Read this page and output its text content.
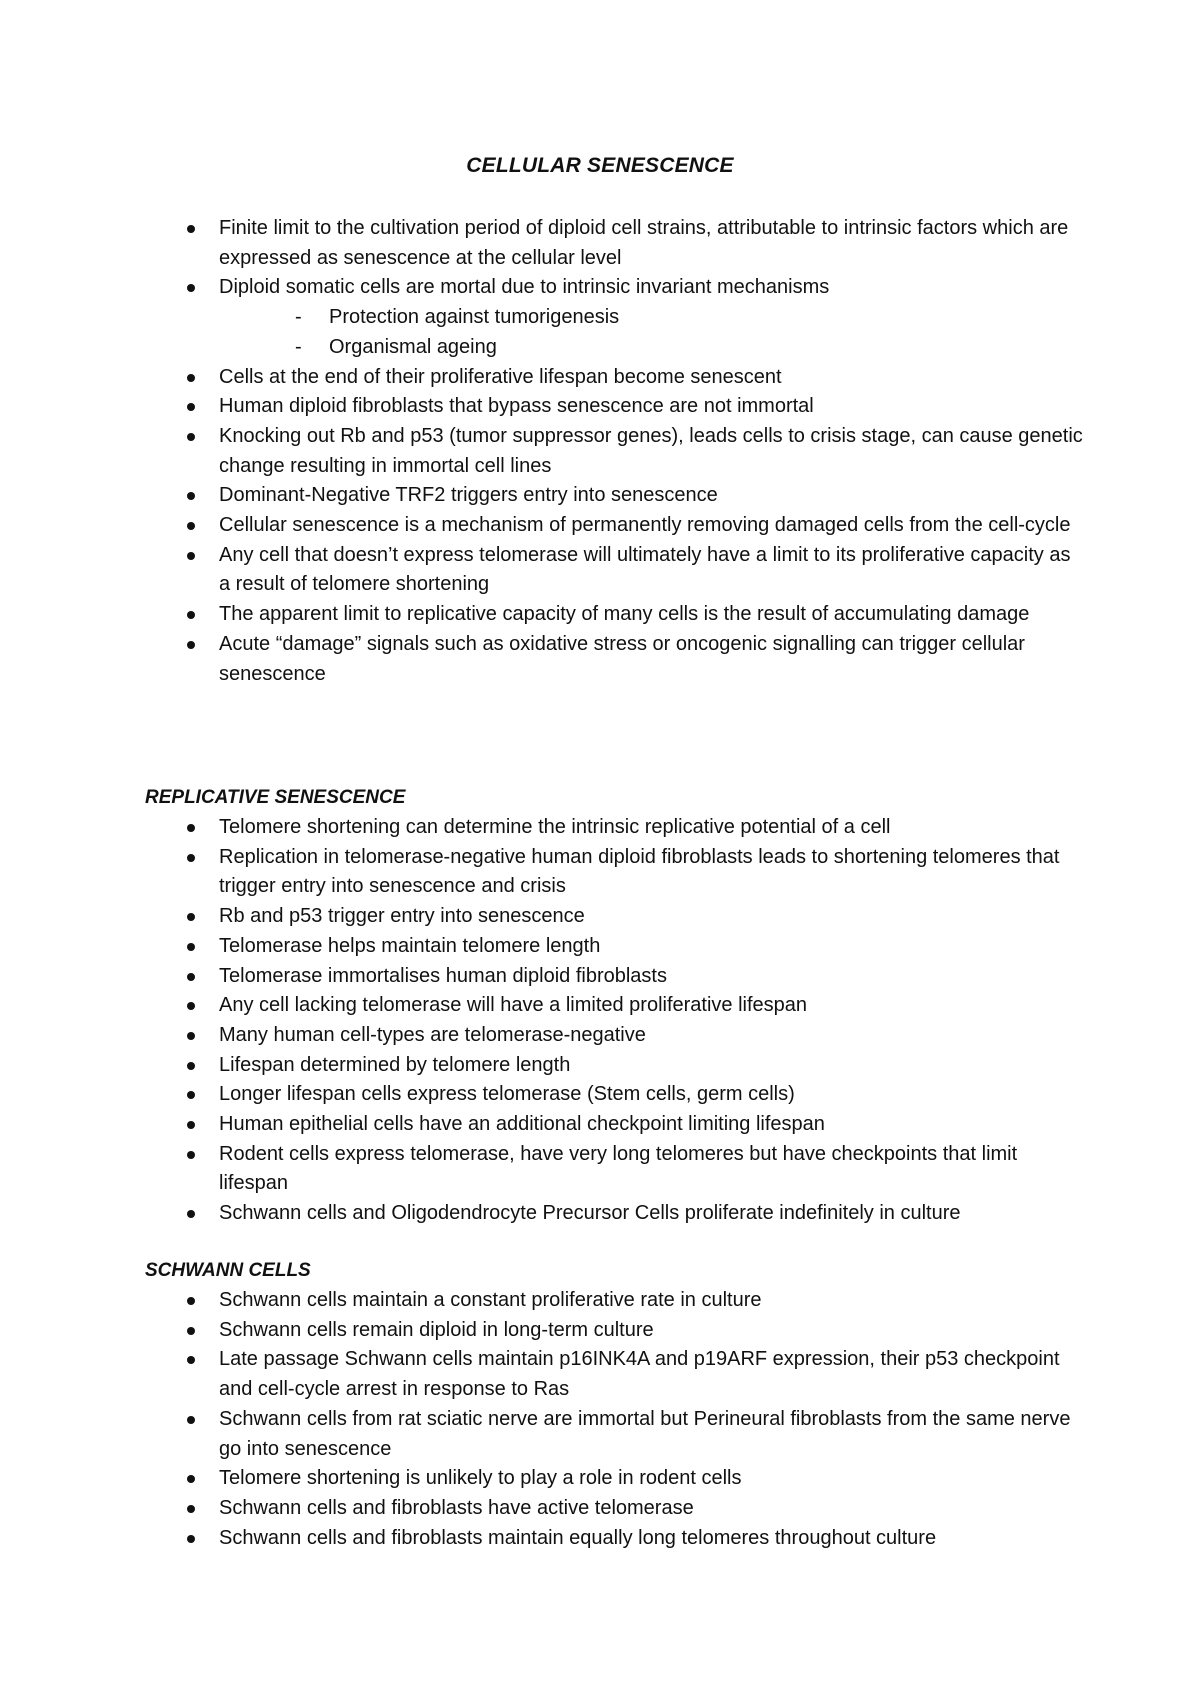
CELLULAR SENESCENCE
Finite limit to the cultivation period of diploid cell strains, attributable to intrinsic factors which are expressed as senescence at the cellular level
Diploid somatic cells are mortal due to intrinsic invariant mechanisms
- Protection against tumorigenesis
- Organismal ageing
Cells at the end of their proliferative lifespan become senescent
Human diploid fibroblasts that bypass senescence are not immortal
Knocking out Rb and p53 (tumor suppressor genes), leads cells to crisis stage, can cause genetic change resulting in immortal cell lines
Dominant-Negative TRF2 triggers entry into senescence
Cellular senescence is a mechanism of permanently removing damaged cells from the cell-cycle
Any cell that doesn’t express telomerase will ultimately have a limit to its proliferative capacity as a result of telomere shortening
The apparent limit to replicative capacity of many cells is the result of accumulating damage
Acute “damage” signals such as oxidative stress or oncogenic signalling can trigger cellular senescence
REPLICATIVE SENESCENCE
Telomere shortening can determine the intrinsic replicative potential of a cell
Replication in telomerase-negative human diploid fibroblasts leads to shortening telomeres that trigger entry into senescence and crisis
Rb and p53 trigger entry into senescence
Telomerase helps maintain telomere length
Telomerase immortalises human diploid fibroblasts
Any cell lacking telomerase will have a limited proliferative lifespan
Many human cell-types are telomerase-negative
Lifespan determined by telomere length
Longer lifespan cells express telomerase (Stem cells, germ cells)
Human epithelial cells have an additional checkpoint limiting lifespan
Rodent cells express telomerase, have very long telomeres but have checkpoints that limit lifespan
Schwann cells and Oligodendrocyte Precursor Cells proliferate indefinitely in culture
SCHWANN CELLS
Schwann cells maintain a constant proliferative rate in culture
Schwann cells remain diploid in long-term culture
Late passage Schwann cells maintain p16INK4A and p19ARF expression, their p53 checkpoint and cell-cycle arrest in response to Ras
Schwann cells from rat sciatic nerve are immortal but Perineural fibroblasts from the same nerve go into senescence
Telomere shortening is unlikely to play a role in rodent cells
Schwann cells and fibroblasts have active telomerase
Schwann cells and fibroblasts maintain equally long telomeres throughout culture
